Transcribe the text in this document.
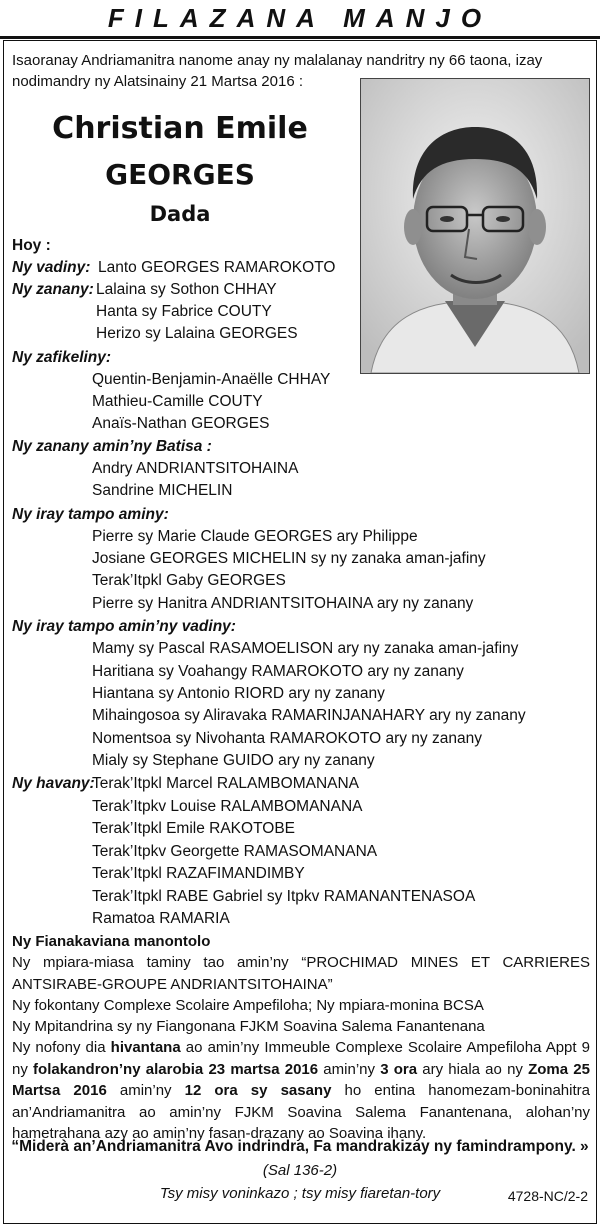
FILAZANA MANJO
Isaoranay Andriamanitra nanome anay ny malalanay nandritry ny 66 taona, izay nodimandry ny Alatsinainy 21 Martsa 2016 :
Christian Emile
GEORGES
Dada
Hoy :
Ny vadiny: Lanto GEORGES RAMAROKOTO
Ny zanany: Lalaina sy Sothon CHHAY
Hanta sy Fabrice COUTY
Herizo sy Lalaina GEORGES
Ny zafikeliny:
Quentin-Benjamin-Anaëlle CHHAY
Mathieu-Camille COUTY
Anaïs-Nathan GEORGES
Ny zanany amin’ny Batisa :
Andry ANDRIANTSITOHAINA
Sandrine MICHELIN
Ny iray tampo aminy:
Pierre sy Marie Claude GEORGES ary Philippe
Josiane GEORGES MICHELIN sy ny zanaka aman-jafiny
Terak’Itpkl Gaby GEORGES
Pierre sy Hanitra ANDRIANTSITOHAINA ary ny zanany
Ny iray tampo amin’ny vadiny:
Mamy sy Pascal RASAMOELISON ary ny zanaka aman-jafiny
Haritiana sy Voahangy RAMAROKOTO ary ny zanany
Hiantana sy Antonio RIORD ary ny zanany
Mihaingosoa sy Aliravaka RAMARINJANAHARY ary ny zanany
Nomentsoa sy Nivohanta RAMAROKOTO ary ny zanany
Mialy sy Stephane GUIDO ary ny zanany
Ny havany:
Terak’Itpkl Marcel RALAMBOMANANA
Terak’Itpkv Louise RALAMBOMANANA
Terak’Itpkl Emile RAKOTOBE
Terak’Itpkv Georgette RAMASOMANANA
Terak’Itpkl RAZAFIMANDIMBY
Terak’Itpkl RABE Gabriel sy Itpkv RAMANANTENASOA
Ramatoa RAMARIA
Ny Fianakaviana manontolo
Ny mpiara-miasa taminy tao amin’ny “PROCHIMAD MINES ET CARRIERES ANTSIRABE-GROUPE ANDRIANTSITOHAINA”
Ny fokontany Complexe Scolaire Ampefiloha; Ny mpiara-monina BCSA
Ny Mpitandrina sy ny Fiangonana FJKM Soavina Salema Fanantenana
Ny nofony dia hivantana ao amin’ny Immeuble Complexe Scolaire Ampefiloha Appt 9 ny folakandron’ny alarobia 23 martsa 2016 amin’ny 3 ora ary hiala ao ny Zoma 25 Martsa 2016 amin’ny 12 ora sy sasany ho entina hanomezam-boninahitra an’Andriamanitra ao amin’ny FJKM Soavina Salema Fanantenana, alohan’ny hametrahana azy ao amin’ny fasan-drazany ao Soavina ihany.
“Miderà an’Andriamanitra Avo indrindra, Fa mandrakizay ny famindrampony. »
(Sal 136-2)
Tsy misy voninkazo ; tsy misy fiaretan-tory	4728-NC/2-2
